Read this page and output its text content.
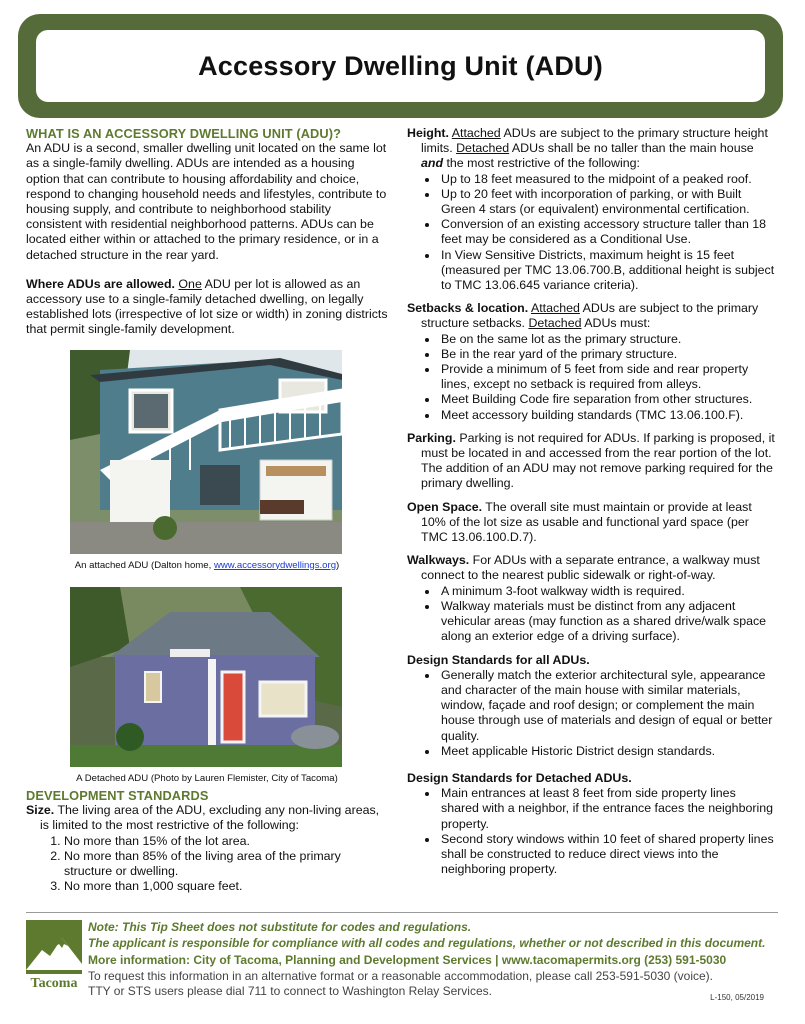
Accessory Dwelling Unit (ADU)
WHAT IS AN ACCESSORY DWELLING UNIT (ADU)?

An ADU is a second, smaller dwelling unit located on the same lot as a single-family dwelling. ADUs are intended as a housing option that can contribute to housing affordability and choice, respond to changing household needs and lifestyles, contribute to housing supply, and contribute to neighborhood stability consistent with residential neighborhood patterns. ADUs can be located either within or attached to the primary residence, or in a detached structure in the rear yard.

Where ADUs are allowed. One ADU per lot is allowed as an accessory use to a single-family detached dwelling, on legally established lots (irrespective of lot size or width) in zoning districts that permit single-family development.

An attached ADU (Dalton home, www.accessorydwellings.org)
A Detached ADU (Photo by Lauren Flemister, City of Tacoma)
DEVELOPMENT STANDARDS

Size. The living area of the ADU, excluding any non-living areas, is limited to the most restrictive of the following:

1. No more than 15% of the lot area.
2. No more than 85% of the living area of the primary structure or dwelling.
3. No more than 1,000 square feet.

Height. Attached ADUs are subject to the primary structure height limits. Detached ADUs shall be no taller than the main house and the most restrictive of the following:

• Up to 18 feet measured to the midpoint of a peaked roof.
• Up to 20 feet with incorporation of parking, or with Built Green 4 stars (or equivalent) environmental certification.
• Conversion of an existing accessory structure taller than 18 feet may be considered as a Conditional Use.
• In View Sensitive Districts, maximum height is 15 feet (measured per TMC 13.06.700.B, additional height is subject to TMC 13.06.645 variance criteria).

Setbacks & location. Attached ADUs are subject to the primary structure setbacks. Detached ADUs must:

• Be on the same lot as the primary structure.
• Be in the rear yard of the primary structure.
• Provide a minimum of 5 feet from side and rear property lines, except no setback is required from alleys.
• Meet Building Code fire separation from other structures.
• Meet accessory building standards (TMC 13.06.100.F).

Parking. Parking is not required for ADUs. If parking is proposed, it must be located in and accessed from the rear portion of the lot. The addition of an ADU may not remove parking required for the primary dwelling.

Open Space. The overall site must maintain or provide at least 10% of the lot size as usable and functional yard space (per TMC 13.06.100.D.7).

Walkways. For ADUs with a separate entrance, a walkway must connect to the nearest public sidewalk or right-of-way.

• A minimum 3-foot walkway width is required.
• Walkway materials must be distinct from any adjacent vehicular areas (may function as a shared drive/walk space along an exterior edge of a driving surface).
Design Standards for all ADUs.
• Generally match the exterior architectural syle, appearance and character of the main house with similar materials, window, façade and roof design; or complement the main house through use of materials and design of equal or better quality.
• Meet applicable Historic District design standards.
Design Standards for Detached ADUs.
• Main entrances at least 8 feet from side property lines shared with a neighbor, if the entrance faces the neighboring property.
• Second story windows within 10 feet of shared property lines shall be constructed to reduce direct views into the neighboring property.
Tacoma
Note: This Tip Sheet does not substitute for codes and regulations.
The applicant is responsible for compliance with all codes and regulations, whether or not described in this document.
More information: City of Tacoma, Planning and Development Services | www.tacomapermits.org (253) 591-5030
To request this information in an alternative format or a reasonable accommodation, please call 253-591-5030 (voice).
TTY or STS users please dial 711 to connect to Washington Relay Services.	L-150, 05/2019
